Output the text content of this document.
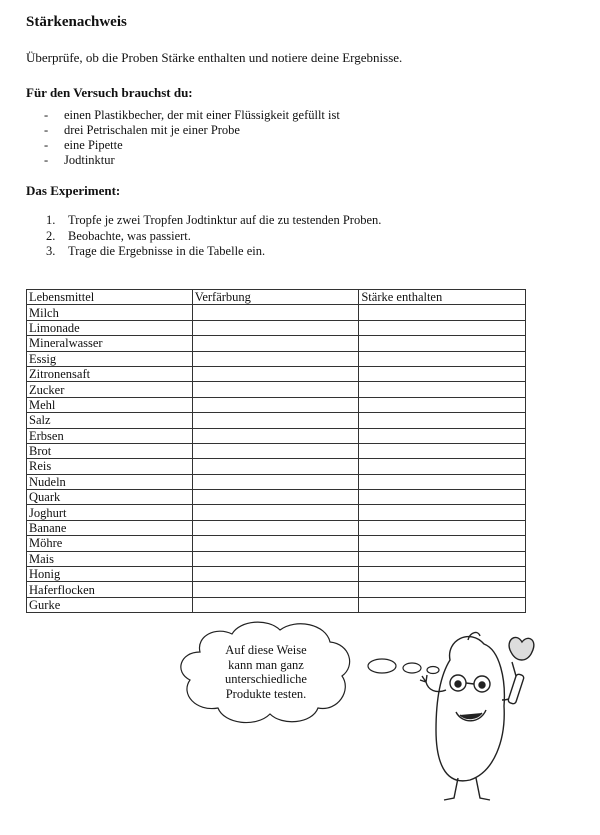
Stärkenachweis

Überprüfe, ob die Proben Stärke enthalten und notiere deine Ergebnisse.

Für den Versuch brauchst du:

- einen Plastikbecher, der mit einer Flüssigkeit gefüllt ist
- drei Petrischalen mit je einer Probe
- eine Pipette
- Jodtinktur

Das Experiment:

1. Tropfe je zwei Tropfen Jodtinktur auf die zu testenden Proben.
2. Beobachte, was passiert.
3. Trage die Ergebnisse in die Tabelle ein.
Lebensmittel	Verfärbung	Stärke enthalten
Milch		
Limonade		
Mineralwasser		
Essig		
Zitronensaft		
Zucker		
Mehl		
Salz		
Erbsen		
Brot		
Reis		
Nudeln		
Quark		
Joghurt		
Banane		
Möhre		
Mais		
Honig		
Haferflocken		
Gurke		
Auf diese Weise
kann man ganz
unterschiedliche
Produkte testen.
